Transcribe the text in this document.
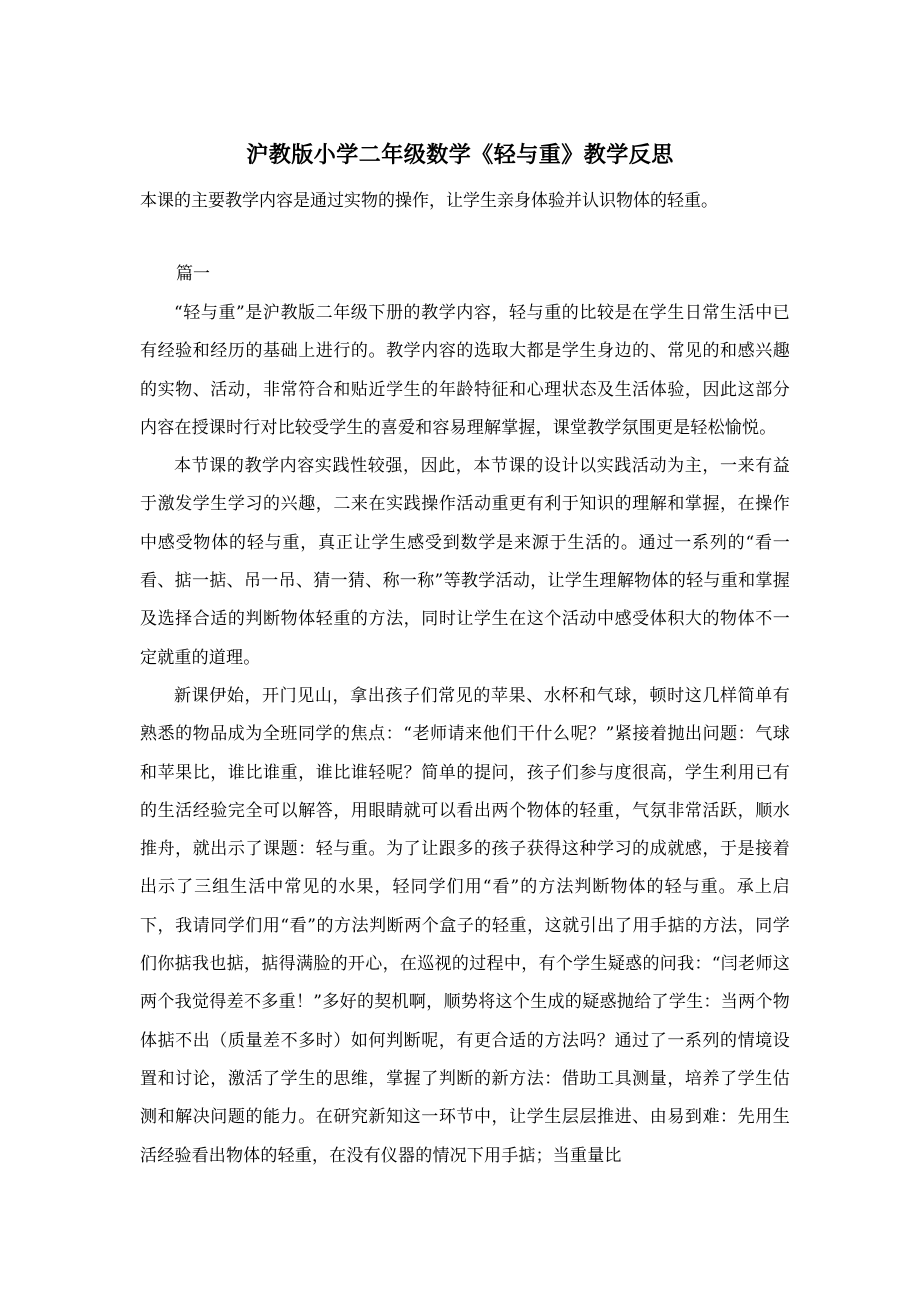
沪教版小学二年级数学《轻与重》教学反思

本课的主要教学内容是通过实物的操作，让学生亲身体验并认识物体的轻重。

篇一

“轻与重”是沪教版二年级下册的教学内容，轻与重的比较是在学生日常生活中已有经验和经历的基础上进行的。教学内容的选取大都是学生身边的、常见的和感兴趣的实物、活动，非常符合和贴近学生的年龄特征和心理状态及生活体验，因此这部分内容在授课时行对比较受学生的喜爱和容易理解掌握，课堂教学氛围更是轻松愉悦。

本节课的教学内容实践性较强，因此，本节课的设计以实践活动为主，一来有益于激发学生学习的兴趣，二来在实践操作活动重更有利于知识的理解和掌握，在操作中感受物体的轻与重，真正让学生感受到数学是来源于生活的。通过一系列的“看一看、掂一掂、吊一吊、猜一猜、称一称”等教学活动，让学生理解物体的轻与重和掌握及选择合适的判断物体轻重的方法，同时让学生在这个活动中感受体积大的物体不一定就重的道理。

新课伊始，开门见山，拿出孩子们常见的苹果、水杯和气球，顿时这几样简单有熟悉的物品成为全班同学的焦点：“老师请来他们干什么呢？”紧接着抛出问题：气球和苹果比，谁比谁重，谁比谁轻呢？简单的提问，孩子们参与度很高，学生利用已有的生活经验完全可以解答，用眼睛就可以看出两个物体的轻重，气氛非常活跃，顺水推舟，就出示了课题：轻与重。为了让跟多的孩子获得这种学习的成就感，于是接着出示了三组生活中常见的水果，轻同学们用“看”的方法判断物体的轻与重。承上启下，我请同学们用“看”的方法判断两个盒子的轻重，这就引出了用手掂的方法，同学们你掂我也掂，掂得满脸的开心，在巡视的过程中，有个学生疑惑的问我：“闫老师这两个我觉得差不多重！”多好的契机啊，顺势将这个生成的疑惑抛给了学生：当两个物体掂不出（质量差不多时）如何判断呢，有更合适的方法吗？通过了一系列的情境设置和讨论，激活了学生的思维，掌握了判断的新方法：借助工具测量，培养了学生估测和解决问题的能力。在研究新知这一环节中，让学生层层推进、由易到难：先用生活经验看出物体的轻重，在没有仪器的情况下用手掂；当重量比
